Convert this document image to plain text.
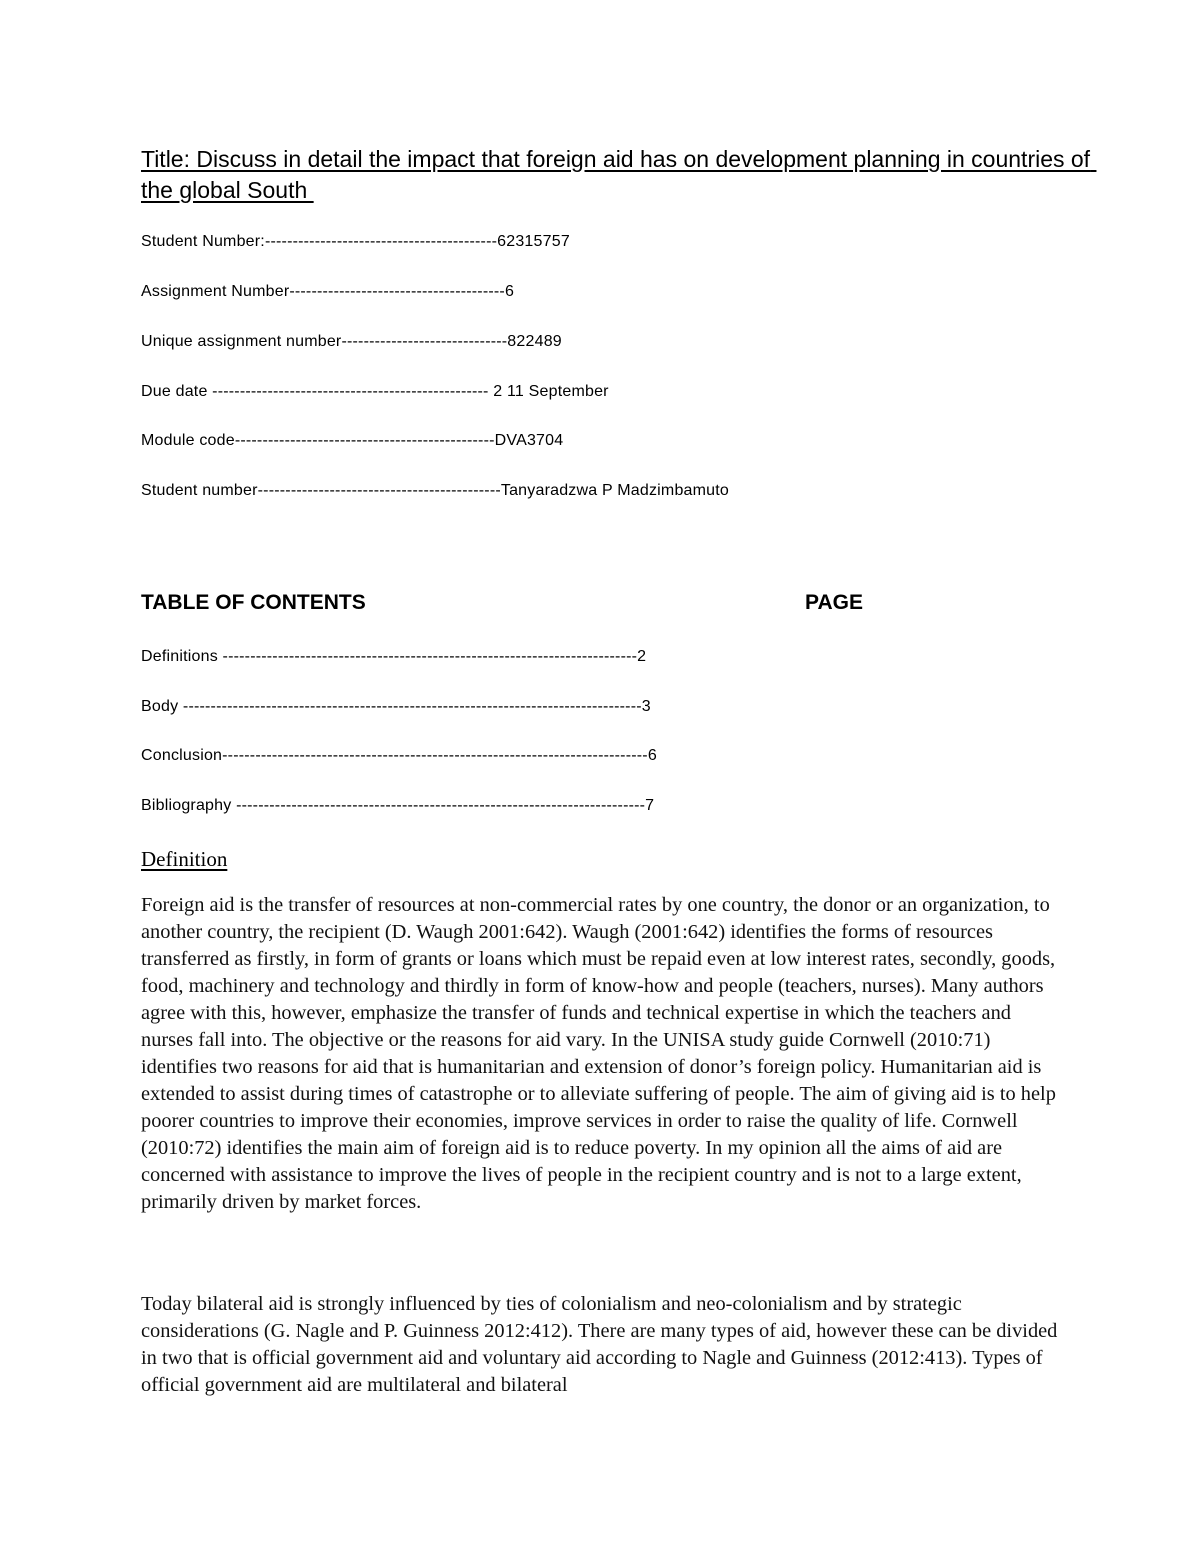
Title: Discuss in detail the impact that foreign aid has on development planning in countries of the global South

Student Number:------------------------------------------62315757

Assignment Number---------------------------------------6

Unique assignment number------------------------------822489

Due date -------------------------------------------------- 2 11 September

Module code-----------------------------------------------DVA3704

Student number--------------------------------------------Tanyaradzwa P Madzimbamuto

TABLE OF CONTENTS	PAGE

Definitions ---------------------------------------------------------------------------2

Body -----------------------------------------------------------------------------------3

Conclusion-----------------------------------------------------------------------------6

Bibliography --------------------------------------------------------------------------7

Definition

Foreign aid is the transfer of resources at non-commercial rates by one country, the donor or an organization, to another country, the recipient (D. Waugh 2001:642). Waugh (2001:642) identifies the forms of resources transferred as firstly, in form of grants or loans which must be repaid even at low interest rates, secondly, goods, food, machinery and technology and thirdly in form of know-how and people (teachers, nurses). Many authors agree with this, however, emphasize the transfer of funds and technical expertise in which the teachers and nurses fall into. The objective or the reasons for aid vary. In the UNISA study guide Cornwell (2010:71) identifies two reasons for aid that is humanitarian and extension of donor’s foreign policy. Humanitarian aid is extended to assist during times of catastrophe or to alleviate suffering of people. The aim of giving aid is to help poorer countries to improve their economies, improve services in order to raise the quality of life. Cornwell (2010:72) identifies the main aim of foreign aid is to reduce poverty. In my opinion all the aims of aid are concerned with assistance to improve the lives of people in the recipient country and is not to a large extent, primarily driven by market forces.

Today bilateral aid is strongly influenced by ties of colonialism and neo-colonialism and by strategic considerations (G. Nagle and P. Guinness 2012:412). There are many types of aid, however these can be divided in two that is official government aid and voluntary aid according to Nagle and Guinness (2012:413). Types of official government aid are multilateral and bilateral
